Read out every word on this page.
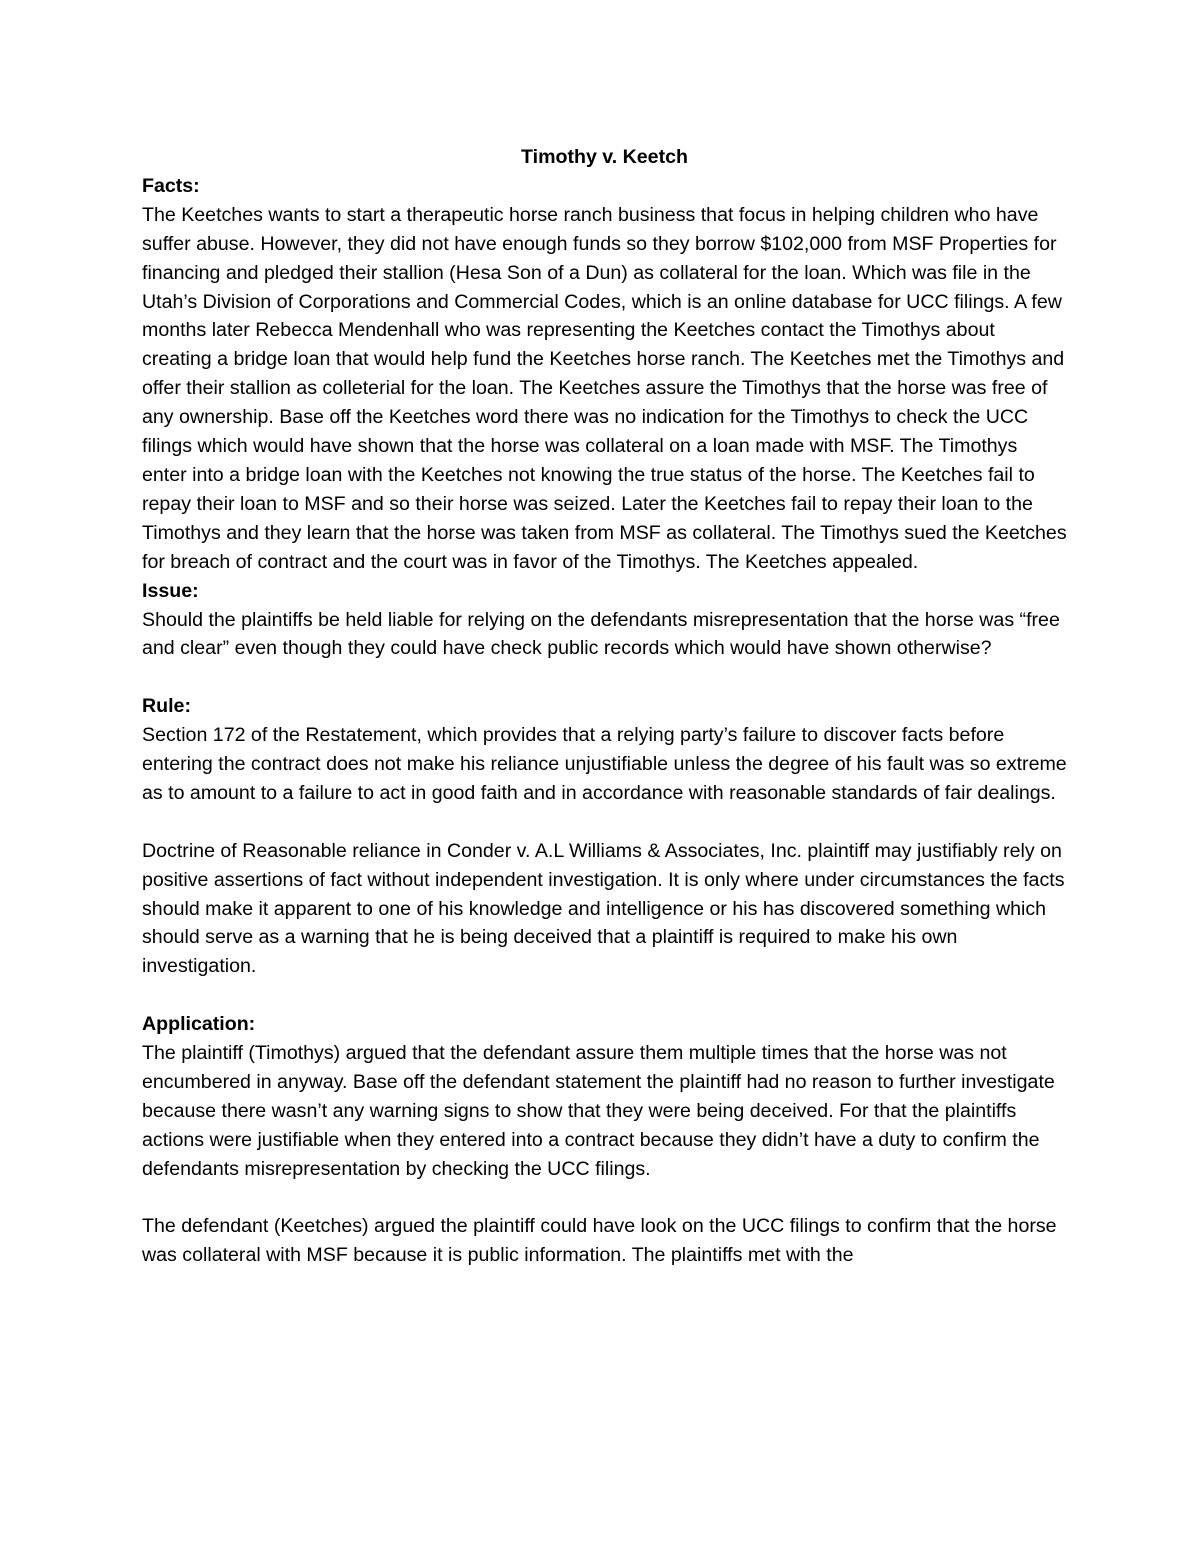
Timothy v. Keetch

Facts:

The Keetches wants to start a therapeutic horse ranch business that focus in helping children who have suffer abuse. However, they did not have enough funds so they borrow $102,000 from MSF Properties for financing and pledged their stallion (Hesa Son of a Dun) as collateral for the loan. Which was file in the Utah’s Division of Corporations and Commercial Codes, which is an online database for UCC filings. A few months later Rebecca Mendenhall who was representing the Keetches contact the Timothys about creating a bridge loan that would help fund the Keetches horse ranch. The Keetches met the Timothys and offer their stallion as colleterial for the loan. The Keetches assure the Timothys that the horse was free of any ownership. Base off the Keetches word there was no indication for the Timothys to check the UCC filings which would have shown that the horse was collateral on a loan made with MSF. The Timothys enter into a bridge loan with the Keetches not knowing the true status of the horse. The Keetches fail to repay their loan to MSF and so their horse was seized. Later the Keetches fail to repay their loan to the Timothys and they learn that the horse was taken from MSF as collateral. The Timothys sued the Keetches for breach of contract and the court was in favor of the Timothys. The Keetches appealed.

Issue:

Should the plaintiffs be held liable for relying on the defendants misrepresentation that the horse was “free and clear” even though they could have check public records which would have shown otherwise?

Rule:

Section 172 of the Restatement, which provides that a relying party’s failure to discover facts before entering the contract does not make his reliance unjustifiable unless the degree of his fault was so extreme as to amount to a failure to act in good faith and in accordance with reasonable standards of fair dealings.

Doctrine of Reasonable reliance in Conder v. A.L Williams & Associates, Inc. plaintiff may justifiably rely on positive assertions of fact without independent investigation. It is only where under circumstances the facts should make it apparent to one of his knowledge and intelligence or his has discovered something which should serve as a warning that he is being deceived that a plaintiff is required to make his own investigation.

Application:

The plaintiff (Timothys) argued that the defendant assure them multiple times that the horse was not encumbered in anyway. Base off the defendant statement the plaintiff had no reason to further investigate because there wasn’t any warning signs to show that they were being deceived. For that the plaintiffs actions were justifiable when they entered into a contract because they didn’t have a duty to confirm the defendants misrepresentation by checking the UCC filings.

The defendant (Keetches) argued the plaintiff could have look on the UCC filings to confirm that the horse was collateral with MSF because it is public information. The plaintiffs met with the
